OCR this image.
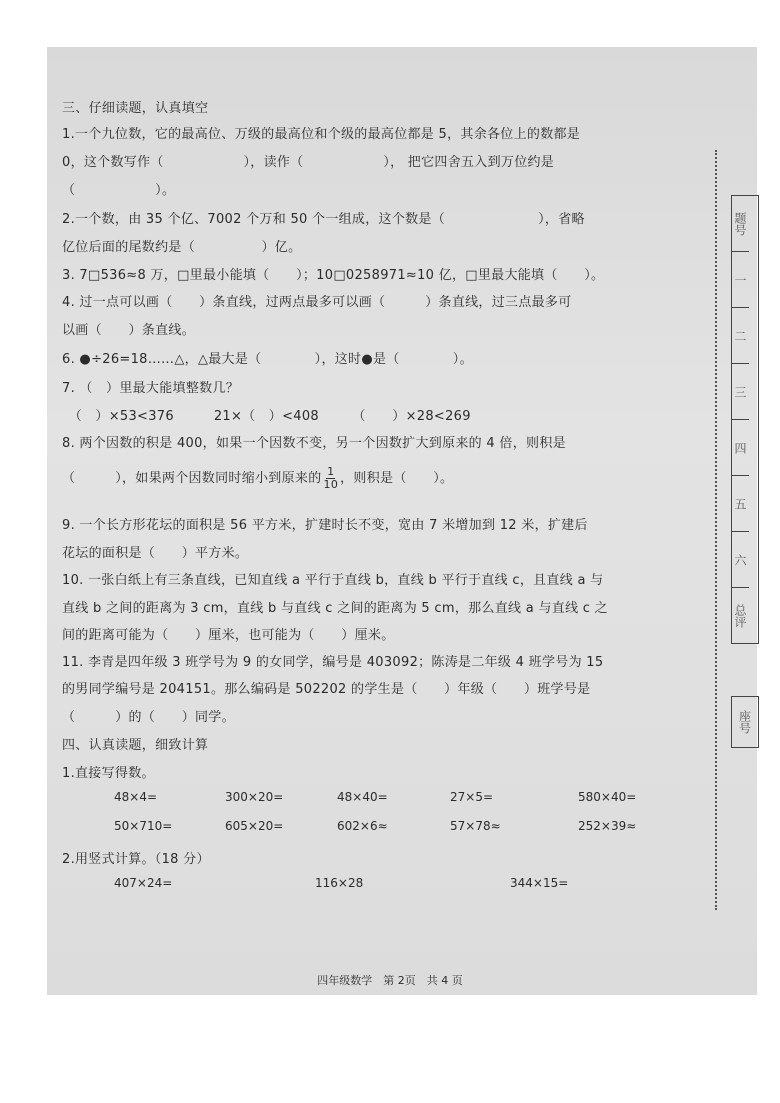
三、仔细读题，认真填空
1.一个九位数，它的最高位、万级的最高位和个级的最高位都是 5，其余各位上的数都是
0，这个数写作（　　　　　　），读作（　　　　　　）， 把它四舍五入到万位约是
（　　　　　　）。
2.一个数，由 35 个亿、7002 个万和 50 个一组成，这个数是（　　　　　　　），省略
亿位后面的尾数约是（　　　　　）亿。
3. 7□536≈8 万，□里最小能填（　　）；10□0258971≈10 亿，□里最大能填（　　）。
4. 过一点可以画（　　）条直线，过两点最多可以画（　　　）条直线，过三点最多可
以画（　　）条直线。
6. ●÷26=18……△，△最大是（　　　　），这时●是（　　　　）。
7. （　）里最大能填整数几？
　（　）×53<376　　　21×（　）<408　　　（　　）×28<269
8. 两个因数的积是 400，如果一个因数不变，另一个因数扩大到原来的 4 倍，则积是
（　　　），如果两个因数同时缩小到原来的 $\frac{1}{10}$ ，则积是（　　）。
9. 一个长方形花坛的面积是 56 平方米，扩建时长不变，宽由 7 米增加到 12 米，扩建后
花坛的面积是（　　）平方米。
10. 一张白纸上有三条直线，已知直线 a 平行于直线 b，直线 b 平行于直线 c，且直线 a 与
直线 b 之间的距离为 3 cm，直线 b 与直线 c 之间的距离为 5 cm，那么直线 a 与直线 c 之
间的距离可能为（　　）厘米，也可能为（　　）厘米。
11. 李青是四年级 3 班学号为 9 的女同学，编号是 403092；陈涛是二年级 4 班学号为 15
的男同学编号是 204151。那么编码是 502202 的学生是（　　）年级（　　）班学号是
（　　　）的（　　）同学。
四、认真读题，细致计算
1.直接写得数。
48×4=	300×20=	48×40=	27×5=	580×40=
50×710=	605×20=	602×6≈	57×78≈	252×39≈
2.用竖式计算。（18 分）
407×24=	116×28	344×15=
题号
一
二
三
四
五
六
总评
座号
四年级数学　第 2页　共 4 页
